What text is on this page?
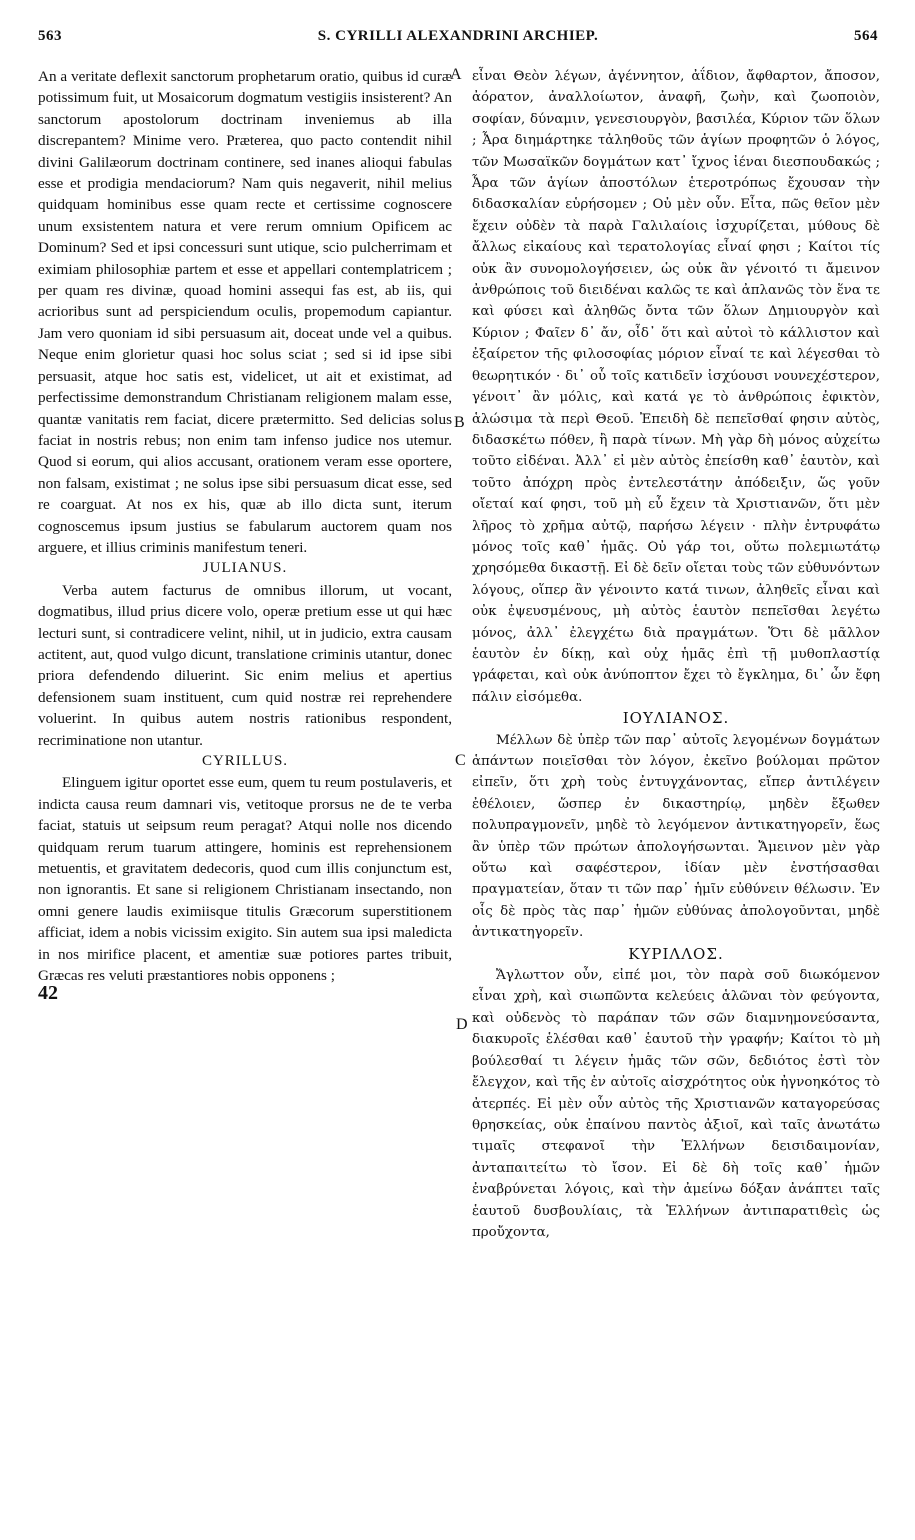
563	S. CYRILLI ALEXANDRINI ARCHIEP.	564
A
B
C
D

An a veritate deflexit sanctorum prophetarum oratio, quibus id curæ potissimum fuit, ut Mosaicorum dogmatum vestigiis insisterent? An sanctorum apostolorum doctrinam inveniemus ab illa discrepantem? Minime vero. Præterea, quo pacto contendit nihil divini Galilæorum doctrinam continere, sed inanes alioqui fabulas esse et prodigia mendaciorum? Nam quis negaverit, nihil melius quidquam hominibus esse quam recte et certissime cognoscere unum exsistentem natura et vere rerum omnium Opificem ac Dominum? Sed et ipsi concessuri sunt utique, scio pulcherrimam et eximiam philosophiæ partem et esse et appellari contemplatricem ; per quam res divinæ, quoad homini assequi fas est, ab iis, qui acrioribus sunt ad perspiciendum oculis, propemodum capiantur. Jam vero quoniam id sibi persuasum ait, doceat unde vel a quibus. Neque enim glorietur quasi hoc solus sciat ; sed si id ipse sibi persuasit, atque hoc satis est, videlicet, ut ait et existimat, ad perfectissime demonstrandum Christianam religionem malam esse, quantæ vanitatis rem faciat, dicere prætermitto. Sed delicias solus faciat in nostris rebus; non enim tam infenso judice nos utemur. Quod si eorum, qui alios accusant, orationem veram esse oportere, non falsam, existimat ; ne solus ipse sibi persuasum dicat esse, sed re coarguat. At nos ex his, quæ ab illo dicta sunt, iterum cognoscemus ipsum justius se fabularum auctorem quam nos arguere, et illius criminis manifestum teneri.

JULIANUS.

Verba autem facturus de omnibus illorum, ut vocant, dogmatibus, illud prius dicere volo, operæ pretium esse ut qui hæc lecturi sunt, si contradicere velint, nihil, ut in judicio, extra causam actitent, aut, quod vulgo dicunt, translatione criminis utantur, donec priora defendendo diluerint. Sic enim melius et apertius defensionem suam instituent, cum quid nostræ rei reprehendere voluerint. In quibus autem nostris rationibus respondent, recriminatione non utantur.

CYRILLUS.

Elinguem igitur oportet esse eum, quem tu reum postulaveris, et indicta causa reum damnari vis, vetitoque prorsus ne de te verba faciat, statuis ut seipsum reum peragat? Atqui nolle nos dicendo quidquam rerum tuarum attingere, hominis est reprehensionem metuentis, et gravitatem dedecoris, quod cum illis conjunctum est, non ignorantis. Et sane si religionem Christianam insectando, non omni genere laudis eximiisque titulis Græcorum superstitionem afficiat, idem a nobis vicissim exigito. Sin autem sua ipsi maledicta in nos mirifice placent, et amentiæ suæ potiores partes tribuit, Græcas res veluti præstantiores nobis opponens ;

42

εἶναι Θεὸν λέγων, ἀγέννητον, ἀΐδιον, ἄφθαρτον, ἄποσον, ἀόρατον, ἀναλλοίωτον, ἀναφῆ, ζωὴν, καὶ ζωοποιὸν, σοφίαν, δύναμιν, γενεσιουργὸν, βασιλέα, Κύριον τῶν ὅλων ; Ἆρα διημάρτηκε τἀληθοῦς τῶν ἁγίων προφητῶν ὁ λόγος, τῶν Μωσαϊκῶν δογμάτων κατ᾽ ἴχνος ἰέναι διεσπουδακώς ; Ἆρα τῶν ἁγίων ἀποστόλων ἑτεροτρόπως ἔχουσαν τὴν διδασκαλίαν εὑρήσομεν ; Οὐ μὲν οὖν. Εἶτα, πῶς θεῖον μὲν ἔχειν οὐδὲν τὰ παρὰ Γαλιλαίοις ἰσχυρίζεται, μύθους δὲ ἄλλως εἰκαίους καὶ τερατολογίας εἶναί φησι ; Καίτοι τίς οὐκ ἂν συνομολογήσειεν, ὡς οὐκ ἂν γένοιτό τι ἄμεινον ἀνθρώποις τοῦ διειδέναι καλῶς τε καὶ ἀπλανῶς τὸν ἕνα τε καὶ φύσει καὶ ἀληθῶς ὄντα τῶν ὅλων Δημιουργὸν καὶ Κύριον ; Φαῖεν δ᾽ ἄν, οἶδ᾽ ὅτι καὶ αὐτοὶ τὸ κάλλιστον καὶ ἐξαίρετον τῆς φιλοσοφίας μόριον εἶναί τε καὶ λέγεσθαι τὸ θεωρητικόν · δι᾽ οὗ τοῖς κατιδεῖν ἰσχύουσι νουνεχέστερον, γένοιτ᾽ ἂν μόλις, καὶ κατά γε τὸ ἀνθρώποις ἐφικτὸν, ἁλώσιμα τὰ περὶ Θεοῦ. Ἐπειδὴ δὲ πεπεῖσθαί φησιν αὐτὸς, διδασκέτω πόθεν, ἢ παρὰ τίνων. Μὴ γὰρ δὴ μόνος αὐχείτω τοῦτο εἰδέναι. Ἀλλ᾽ εἰ μὲν αὐτὸς ἐπείσθη καθ᾽ ἑαυτὸν, καὶ τοῦτο ἀπόχρη πρὸς ἐντελεστάτην ἀπόδειξιν, ὥς γοῦν οἴεταί καί φησι, τοῦ μὴ εὖ ἔχειν τὰ Χριστιανῶν, ὅτι μὲν λῆρος τὸ χρῆμα αὐτῷ, παρήσω λέγειν · πλὴν ἐντρυφάτω μόνος τοῖς καθ᾽ ἡμᾶς. Οὐ γάρ τοι, οὕτω πολεμιωτάτῳ χρησόμεθα δικαστῇ. Εἰ δὲ δεῖν οἴεται τοὺς τῶν εὐθυνόντων λόγους, οἵπερ ἂν γένοιντο κατά τινων, ἀληθεῖς εἶναι καὶ οὐκ ἐψευσμένους, μὴ αὐτὸς ἑαυτὸν πεπεῖσθαι λεγέτω μόνος, ἀλλ᾽ ἐλεγχέτω διὰ πραγμάτων. Ὅτι δὲ μᾶλλον ἑαυτὸν ἐν δίκῃ, καὶ οὐχ ἡμᾶς ἐπὶ τῇ μυθοπλαστίᾳ γράφεται, καὶ οὐκ ἀνύποπτον ἔχει τὸ ἔγκλημα, δι᾽ ὧν ἔφη πάλιν εἰσόμεθα.

ΙΟΥΛΙΑΝΟΣ.

Μέλλων δὲ ὑπὲρ τῶν παρ᾽ αὐτοῖς λεγομένων δογμάτων ἁπάντων ποιεῖσθαι τὸν λόγον, ἐκεῖνο βούλομαι πρῶτον εἰπεῖν, ὅτι χρὴ τοὺς ἐντυγχάνοντας, εἴπερ ἀντιλέγειν ἐθέλοιεν, ὥσπερ ἐν δικαστηρίῳ, μηδὲν ἔξωθεν πολυπραγμονεῖν, μηδὲ τὸ λεγόμενον ἀντικατηγορεῖν, ἕως ἂν ὑπὲρ τῶν πρώτων ἀπολογήσωνται. Ἄμεινον μὲν γὰρ οὕτω καὶ σαφέστερον, ἰδίαν μὲν ἐνστήσασθαι πραγματείαν, ὅταν τι τῶν παρ᾽ ἡμῖν εὐθύνειν θέλωσιν. Ἐν οἷς δὲ πρὸς τὰς παρ᾽ ἡμῶν εὐθύνας ἀπολογοῦνται, μηδὲ ἀντικατηγορεῖν.

ΚΥΡΙΛΛΟΣ.

Ἄγλωττον οὖν, εἰπέ μοι, τὸν παρὰ σοῦ διωκόμενον εἶναι χρὴ, καὶ σιωπῶντα κελεύεις ἁλῶναι τὸν φεύγοντα, καὶ οὐδενὸς τὸ παράπαν τῶν σῶν διαμνημονεύσαντα, διακυροῖς ἑλέσθαι καθ᾽ ἑαυτοῦ τὴν γραφήν; Καίτοι τὸ μὴ βούλεσθαί τι λέγειν ἡμᾶς τῶν σῶν, δεδιότος ἐστὶ τὸν ἔλεγχον, καὶ τῆς ἐν αὐτοῖς αἰσχρότητος οὐκ ἠγνοηκότος τὸ ἀτερπές. Εἰ μὲν οὖν αὐτὸς τῆς Χριστιανῶν καταγορεύσας θρησκείας, οὐκ ἐπαίνου παντὸς ἀξιοῖ, καὶ ταῖς ἀνωτάτω τιμαῖς στεφανοῖ τὴν Ἑλλήνων δεισιδαιμονίαν, ἀνταπαιτείτω τὸ ἴσον. Εἰ δὲ δὴ τοῖς καθ᾽ ἡμῶν ἐναβρύνεται λόγοις, καὶ τὴν ἀμείνω δόξαν ἀνάπτει ταῖς ἑαυτοῦ δυσβουλίαις, τὰ Ἑλλήνων ἀντιπαρατιθεὶς ὡς προὔχοντα,
